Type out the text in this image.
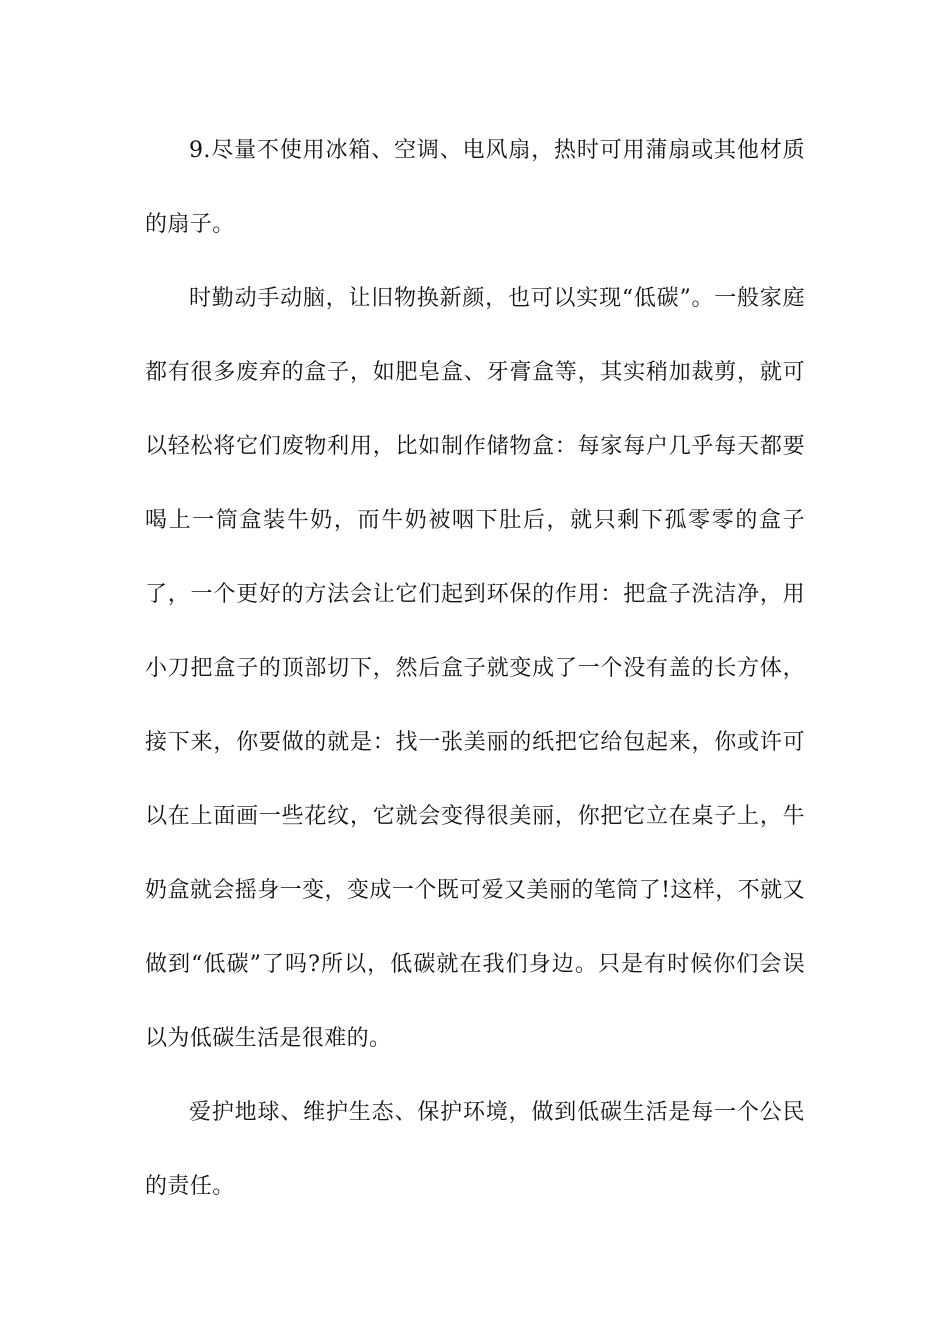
9.尽量不使用冰箱、空调、电风扇，热时可用蒲扇或其他材质的扇子。

时勤动手动脑，让旧物换新颜，也可以实现“低碳”。一般家庭都有很多废弃的盒子，如肥皂盒、牙膏盒等，其实稍加裁剪，就可以轻松将它们废物利用，比如制作储物盒：每家每户几乎每天都要喝上一筒盒装牛奶，而牛奶被咽下肚后，就只剩下孤零零的盒子了，一个更好的方法会让它们起到环保的作用：把盒子洗洁净，用小刀把盒子的顶部切下，然后盒子就变成了一个没有盖的长方体，接下来，你要做的就是：找一张美丽的纸把它给包起来，你或许可以在上面画一些花纹，它就会变得很美丽，你把它立在桌子上，牛奶盒就会摇身一变，变成一个既可爱又美丽的笔筒了!这样，不就又做到“低碳”了吗?所以，低碳就在我们身边。只是有时候你们会误以为低碳生活是很难的。

爱护地球、维护生态、保护环境，做到低碳生活是每一个公民的责任。
